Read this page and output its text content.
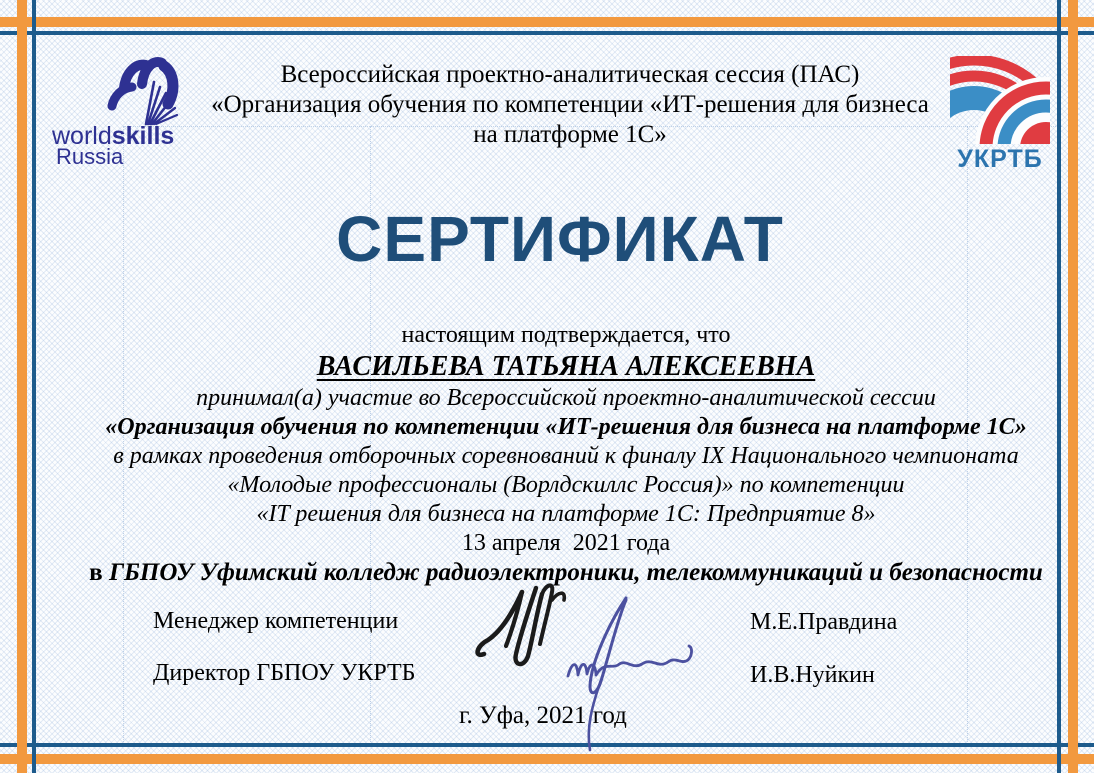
worldskills
Russia	УКРТБ
Всероссийская проектно-аналитическая сессия (ПАС)
«Организация обучения по компетенции «ИТ-решения для бизнеса
на платформе 1С»
СЕРТИФИКАТ
настоящим подтверждается, что
ВАСИЛЬЕВА ТАТЬЯНА АЛЕКСЕЕВНА
принимал(а) участие во Всероссийской проектно-аналитической сессии
«Организация обучения по компетенции «ИТ-решения для бизнеса на платформе 1С»
в рамках проведения отборочных соревнований к финалу IX Национального чемпионата
«Молодые профессионалы (Ворлдскиллс Россия)» по компетенции
«IT решения для бизнеса на платформе 1С: Предприятие 8»
13 апреля  2021 года
в ГБПОУ Уфимский колледж радиоэлектроники, телекоммуникаций и безопасности
Менеджер компетенции	М.Е.Правдина
Директор ГБПОУ УКРТБ	И.В.Нуйкин
г. Уфа, 2021 год
